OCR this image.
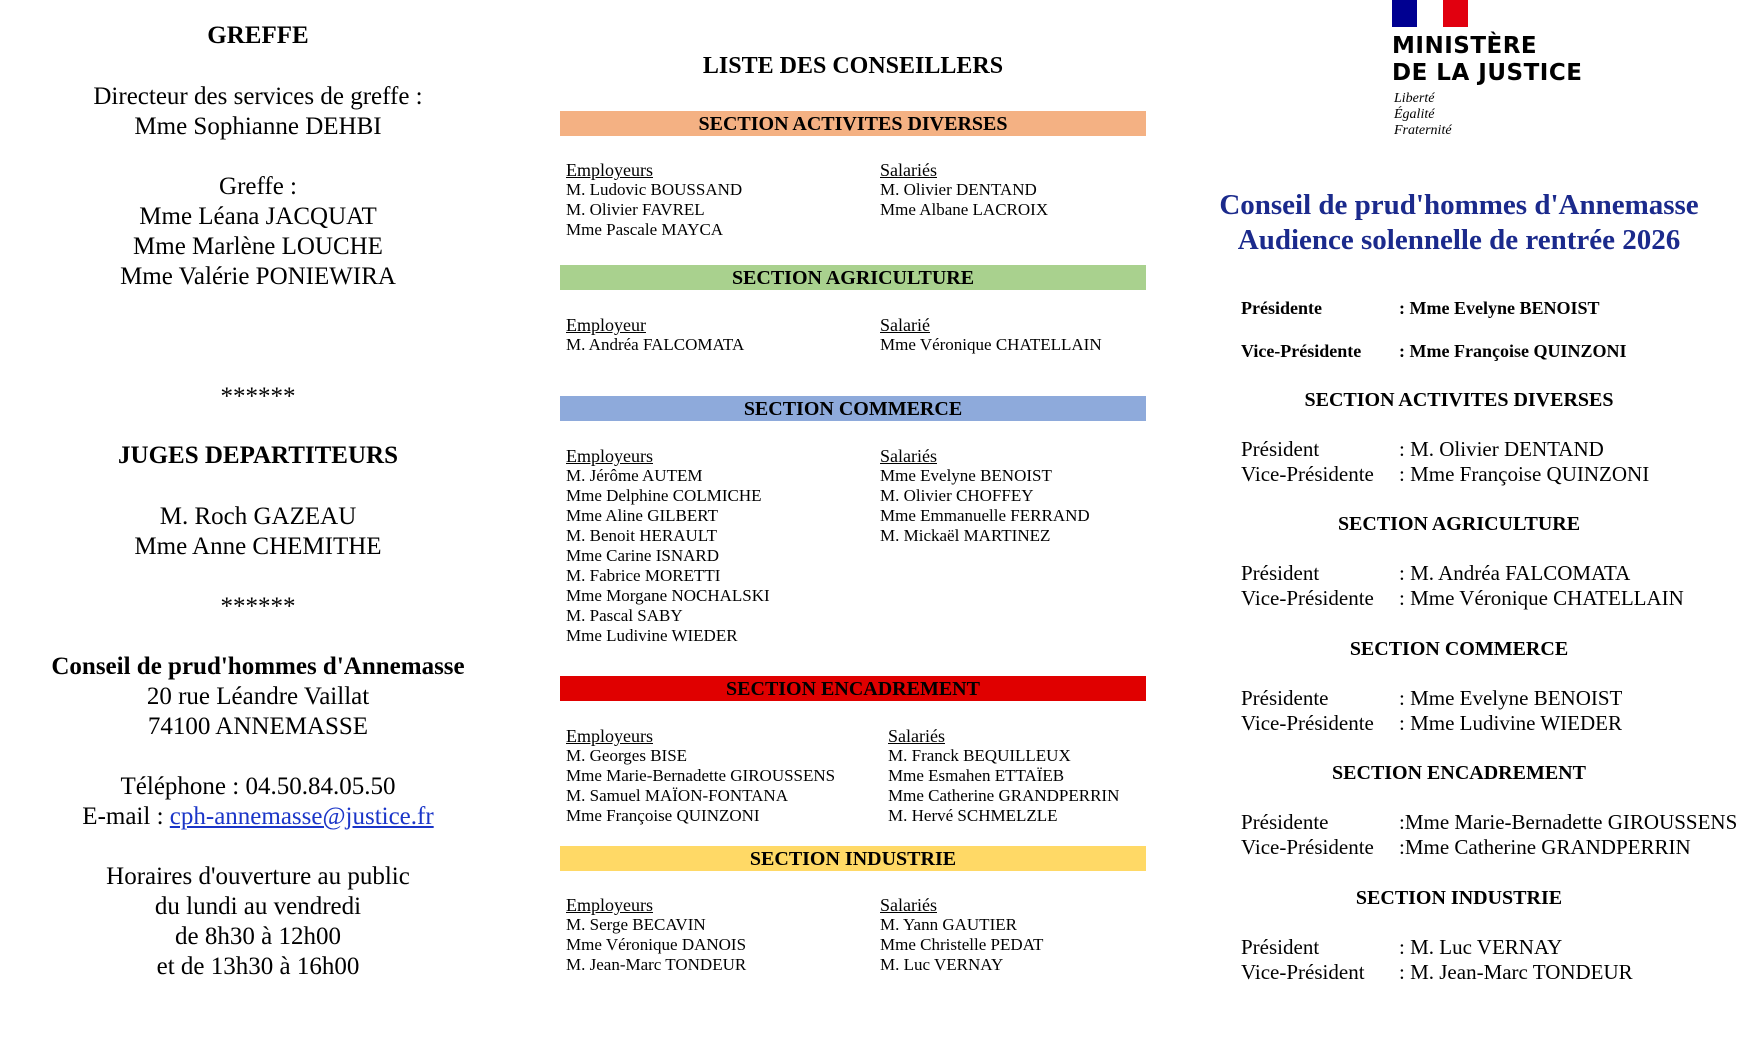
GREFFE
Directeur des services de greffe :
Mme Sophianne DEHBI
Greffe :
Mme Léana JACQUAT
Mme Marlène LOUCHE
Mme Valérie PONIEWIRA
******
JUGES DEPARTITEURS
M. Roch GAZEAU
Mme Anne CHEMITHE
******
Conseil de prud'hommes d'Annemasse
20 rue Léandre Vaillat
74100 ANNEMASSE
Téléphone : 04.50.84.05.50
E-mail : cph-annemasse@justice.fr
Horaires d'ouverture au public
du lundi au vendredi
de 8h30 à 12h00
et de 13h30 à 16h00
LISTE DES CONSEILLERS
SECTION ACTIVITES DIVERSES
Employeurs
M. Ludovic BOUSSAND
M. Olivier FAVREL
Mme Pascale MAYCA
Salariés
M. Olivier DENTAND
Mme Albane LACROIX
SECTION AGRICULTURE
Employeur
M. Andréa FALCOMATA
Salarié
Mme Véronique CHATELLAIN
SECTION COMMERCE
Employeurs
M. Jérôme AUTEM
Mme Delphine COLMICHE
Mme Aline GILBERT
M. Benoit HERAULT
Mme Carine ISNARD
M. Fabrice MORETTI
Mme Morgane NOCHALSKI
M. Pascal SABY
Mme Ludivine WIEDER
Salariés
Mme Evelyne BENOIST
M. Olivier CHOFFEY
Mme Emmanuelle FERRAND
M. Mickaël MARTINEZ
SECTION ENCADREMENT
Employeurs
M. Georges BISE
Mme Marie-Bernadette GIROUSSENS
M. Samuel MAÏON-FONTANA
Mme Françoise QUINZONI
Salariés
M. Franck BEQUILLEUX
Mme Esmahen ETTAÏEB
Mme Catherine GRANDPERRIN
M. Hervé SCHMELZLE
SECTION INDUSTRIE
Employeurs
M. Serge BECAVIN
Mme Véronique DANOIS
M. Jean-Marc TONDEUR
Salariés
M. Yann GAUTIER
Mme Christelle PEDAT
M. Luc VERNAY
MINISTÈRE
DE LA JUSTICE
Liberté
Égalité
Fraternité
Conseil de prud'hommes d'Annemasse
Audience solennelle de rentrée 2026
Présidente	: Mme Evelyne BENOIST
Vice-Présidente : Mme Françoise QUINZONI
SECTION ACTIVITES DIVERSES
Président	: M. Olivier DENTAND
Vice-Présidente : Mme Françoise QUINZONI
SECTION AGRICULTURE
Président	: M. Andréa FALCOMATA
Vice-Présidente : Mme Véronique CHATELLAIN
SECTION COMMERCE
Présidente	: Mme Evelyne BENOIST
Vice-Présidente : Mme Ludivine WIEDER
SECTION ENCADREMENT
Présidente	:Mme Marie-Bernadette GIROUSSENS
Vice-Présidente :Mme Catherine GRANDPERRIN
SECTION INDUSTRIE
Président	: M. Luc VERNAY
Vice-Président : M. Jean-Marc TONDEUR
